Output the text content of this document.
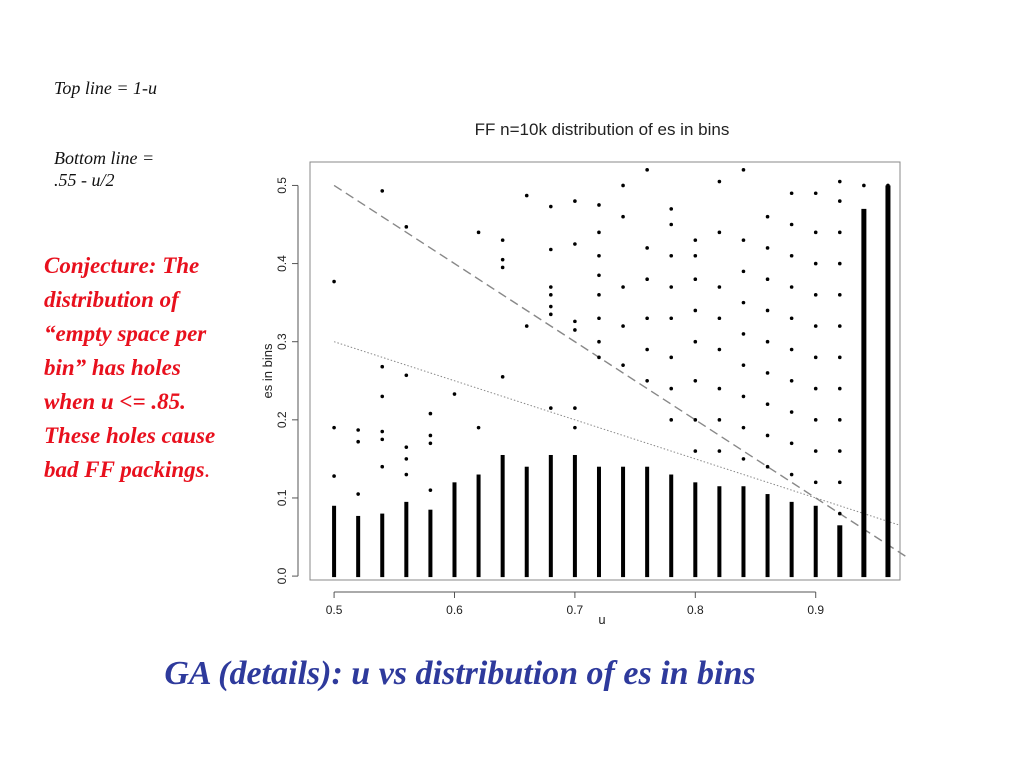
Top line = 1-u

Bottom line = .55 - u/2

Conjecture: The distribution of “empty space per bin” has holes when u <= .85. These holes cause bad FF packings.

FF n=10k distribution of es in bins
0.5	0.6	0.7	0.8	0.9
0.0
0.1
0.2
0.3
0.4
0.5
u
es in bins
GA (details): u vs distribution of es in bins
